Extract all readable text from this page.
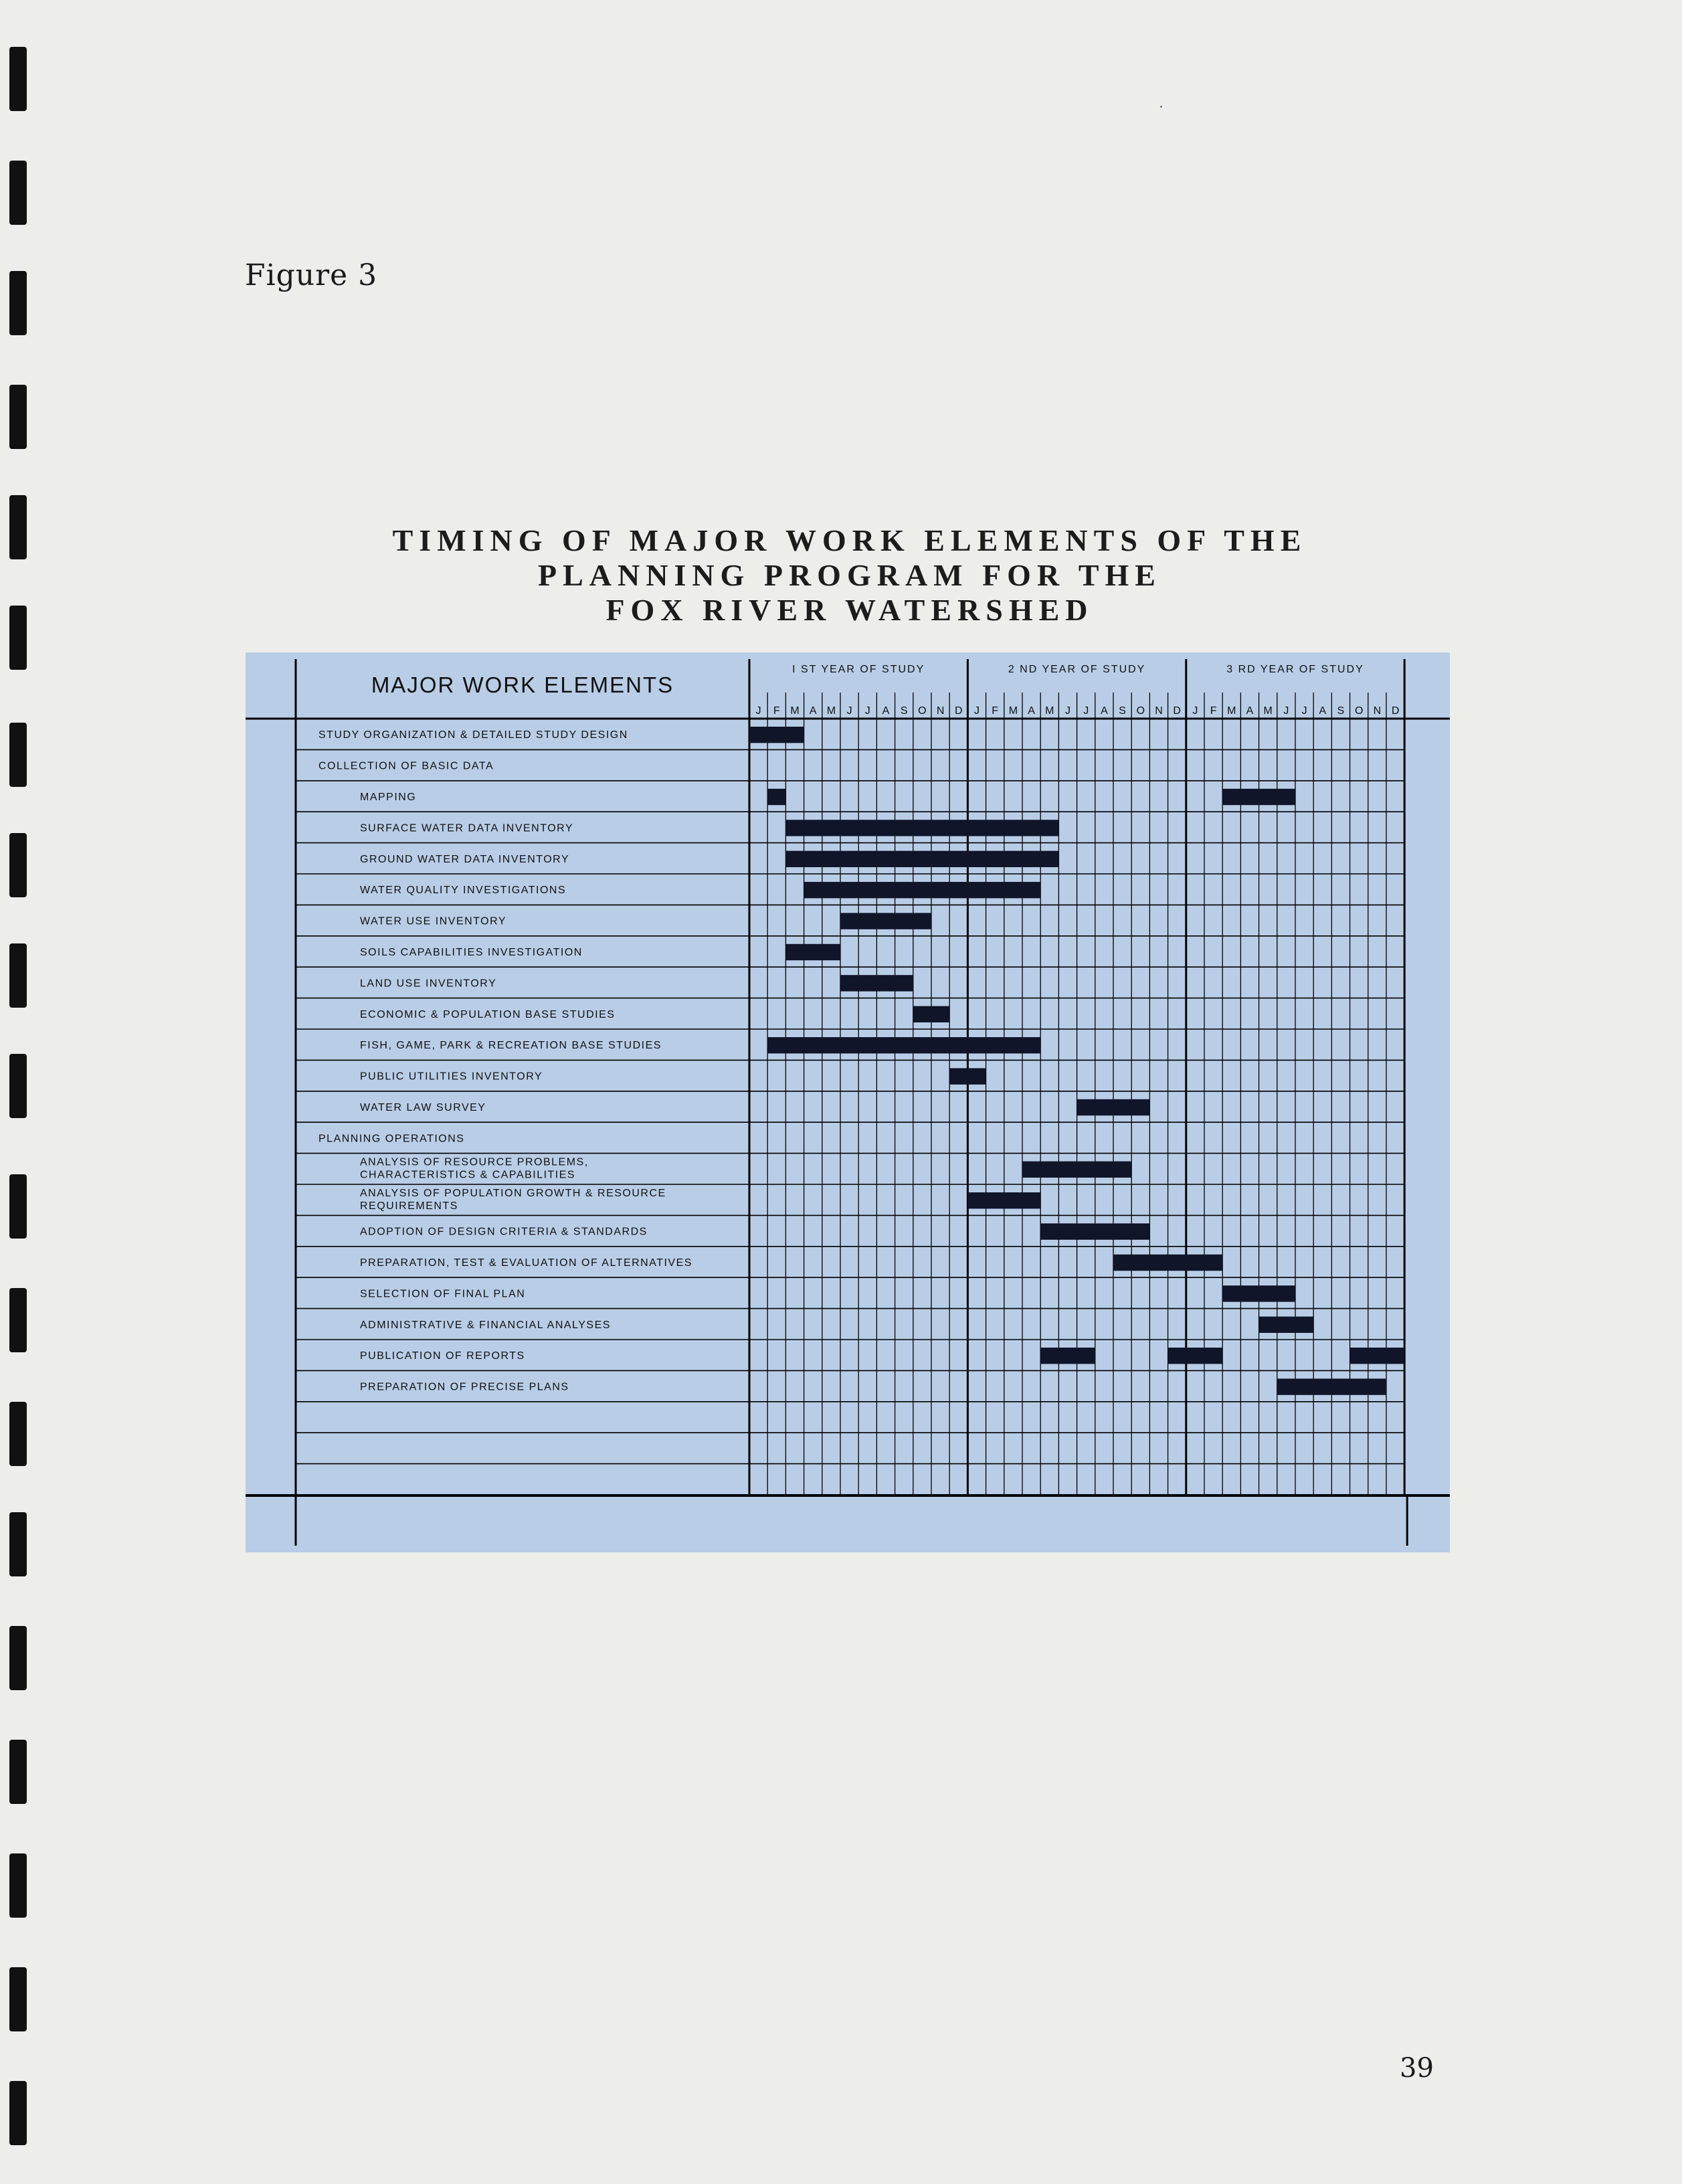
Figure 3
TIMING OF MAJOR WORK ELEMENTS OF THE
PLANNING PROGRAM FOR THE
FOX RIVER WATERSHED
MAJOR WORK ELEMENTS
I ST YEAR OF STUDY	2 ND YEAR OF STUDY	3 RD YEAR OF STUDY
J F M A M J J A S O N D J F M A M J J A S O N D J F M A M J J A S O N D
STUDY ORGANIZATION & DETAILED STUDY DESIGN
COLLECTION OF BASIC DATA
MAPPING
SURFACE WATER DATA INVENTORY
GROUND WATER DATA INVENTORY
WATER QUALITY INVESTIGATIONS
WATER USE INVENTORY
SOILS CAPABILITIES INVESTIGATION
LAND USE INVENTORY
ECONOMIC & POPULATION BASE STUDIES
FISH, GAME, PARK & RECREATION BASE STUDIES
PUBLIC UTILITIES INVENTORY
WATER LAW SURVEY
PLANNING OPERATIONS
ANALYSIS OF RESOURCE PROBLEMS, CHARACTERISTICS & CAPABILITIES
ANALYSIS OF POPULATION GROWTH & RESOURCE REQUIREMENTS
ADOPTION OF DESIGN CRITERIA & STANDARDS
PREPARATION, TEST & EVALUATION OF ALTERNATIVES
SELECTION OF FINAL PLAN
ADMINISTRATIVE & FINANCIAL ANALYSES
PUBLICATION OF REPORTS
PREPARATION OF PRECISE PLANS
39
